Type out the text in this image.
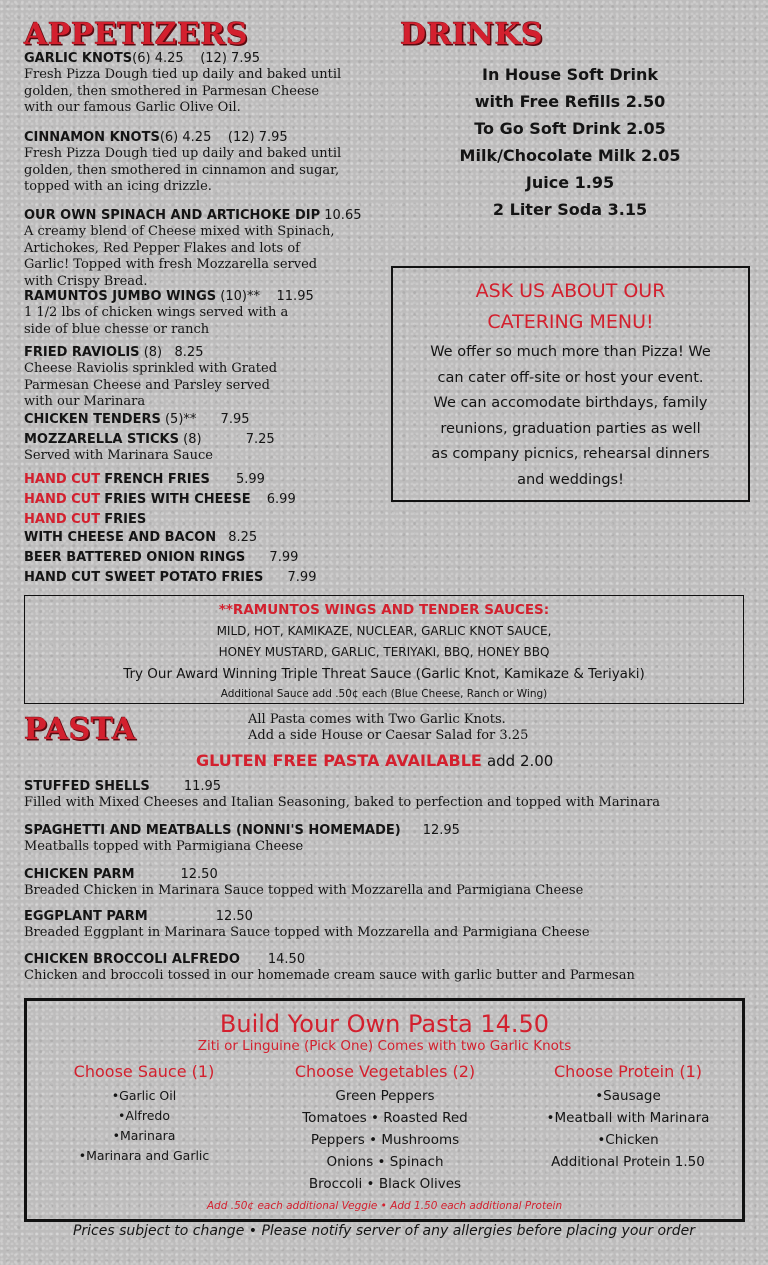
APPETIZERS
GARLIC KNOTS(6) 4.25 (12) 7.95
Fresh Pizza Dough tied up daily and baked until
golden, then smothered in Parmesan Cheese
with our famous Garlic Olive Oil.
CINNAMON KNOTS(6) 4.25 (12) 7.95
Fresh Pizza Dough tied up daily and baked until
golden, then smothered in cinnamon and sugar,
topped with an icing drizzle.
OUR OWN SPINACH AND ARTICHOKE DIP 10.65
A creamy blend of Cheese mixed with Spinach,
Artichokes, Red Pepper Flakes and lots of
Garlic! Topped with fresh Mozzarella served
with Crispy Bread.
RAMUNTOS JUMBO WINGS (10)** 11.95
1 1/2 lbs of chicken wings served with a
side of blue chesse or ranch
FRIED RAVIOLIS (8) 8.25
Cheese Raviolis sprinkled with Grated
Parmesan Cheese and Parsley served
with our Marinara
CHICKEN TENDERS (5)** 7.95
MOZZARELLA STICKS (8)	7.25
Served with Marinara Sauce
HAND CUT FRENCH FRIES 5.99
HAND CUT FRIES WITH CHEESE 6.99
HAND CUT FRIES
WITH CHEESE AND BACON 8.25
BEER BATTERED ONION RINGS 7.99
HAND CUT SWEET POTATO FRIES 7.99
DRINKS
In House Soft Drink
with Free Refills 2.50
To Go Soft Drink 2.05
Milk/Chocolate Milk 2.05
Juice 1.95
2 Liter Soda 3.15
ASK US ABOUT OUR
CATERING MENU!
We offer so much more than Pizza! We
can cater off-site or host your event.
We can accomodate birthdays, family
reunions, graduation parties as well
as company picnics, rehearsal dinners
and weddings!
**RAMUNTOS WINGS AND TENDER SAUCES:
MILD, HOT, KAMIKAZE, NUCLEAR, GARLIC KNOT SAUCE,
HONEY MUSTARD, GARLIC, TERIYAKI, BBQ, HONEY BBQ
Try Our Award Winning Triple Threat Sauce (Garlic Knot, Kamikaze & Teriyaki)
Additional Sauce add .50¢ each (Blue Cheese, Ranch or Wing)
PASTA	All Pasta comes with Two Garlic Knots.
Add a side House or Caesar Salad for 3.25
GLUTEN FREE PASTA AVAILABLE add 2.00
STUFFED SHELLS	11.95
Filled with Mixed Cheeses and Italian Seasoning, baked to perfection and topped with Marinara
SPAGHETTI AND MEATBALLS (NONNI'S HOMEMADE) 12.95
Meatballs topped with Parmigiana Cheese
CHICKEN PARM	12.50
Breaded Chicken in Marinara Sauce topped with Mozzarella and Parmigiana Cheese
EGGPLANT PARM	12.50
Breaded Eggplant in Marinara Sauce topped with Mozzarella and Parmigiana Cheese
CHICKEN BROCCOLI ALFREDO 14.50
Chicken and broccoli tossed in our homemade cream sauce with garlic butter and Parmesan
Build Your Own Pasta 14.50
Ziti or Linguine (Pick One) Comes with two Garlic Knots
Choose Sauce (1)
•Garlic Oil
•Alfredo
•Marinara
•Marinara and Garlic
Choose Vegetables (2)
Green Peppers
Tomatoes • Roasted Red
Peppers • Mushrooms
Onions • Spinach
Broccoli • Black Olives
Choose Protein (1)
•Sausage
•Meatball with Marinara
•Chicken
Additional Protein 1.50
Add .50¢ each additional Veggie • Add 1.50 each additional Protein
Prices subject to change • Please notify server of any allergies before placing your order
